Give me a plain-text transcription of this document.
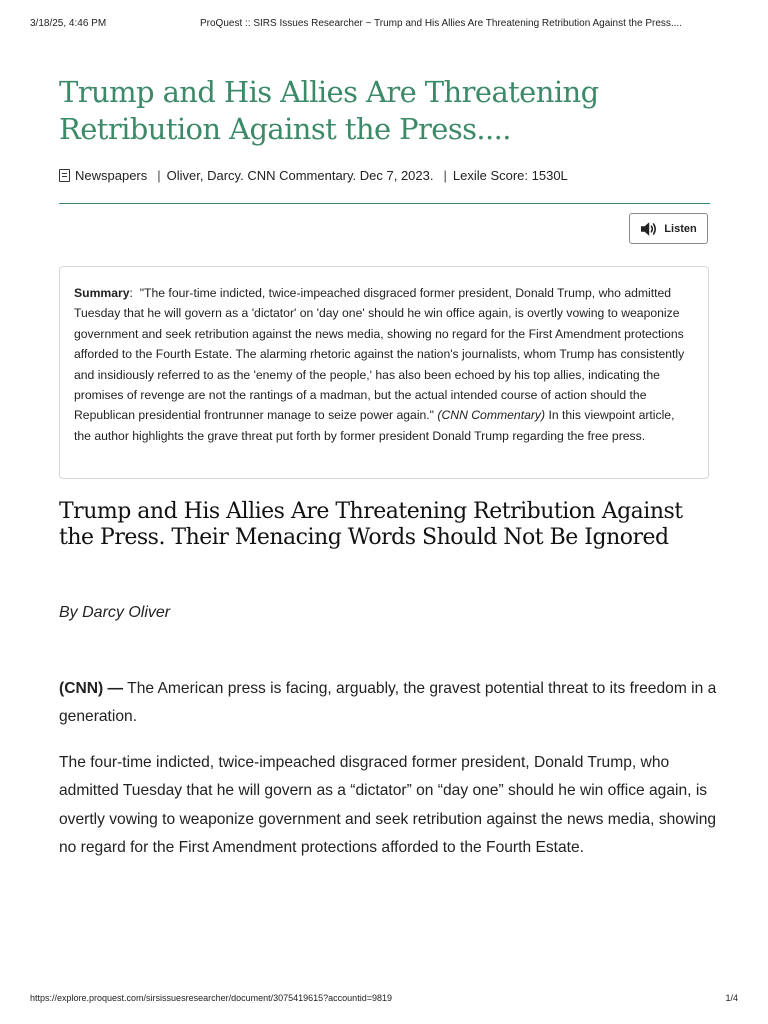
3/18/25, 4:46 PM	ProQuest :: SIRS Issues Researcher ~ Trump and His Allies Are Threatening Retribution Against the Press....
Trump and His Allies Are Threatening Retribution Against the Press....
Newspapers | Oliver, Darcy. CNN Commentary. Dec 7, 2023. | Lexile Score: 1530L
Listen
Summary:  "The four-time indicted, twice-impeached disgraced former president, Donald Trump, who admitted Tuesday that he will govern as a 'dictator' on 'day one' should he win office again, is overtly vowing to weaponize government and seek retribution against the news media, showing no regard for the First Amendment protections afforded to the Fourth Estate. The alarming rhetoric against the nation's journalists, whom Trump has consistently and insidiously referred to as the 'enemy of the people,' has also been echoed by his top allies, indicating the promises of revenge are not the rantings of a madman, but the actual intended course of action should the Republican presidential frontrunner manage to seize power again." (CNN Commentary) In this viewpoint article, the author highlights the grave threat put forth by former president Donald Trump regarding the free press.
Trump and His Allies Are Threatening Retribution Against the Press. Their Menacing Words Should Not Be Ignored
By Darcy Oliver

(CNN) — The American press is facing, arguably, the gravest potential threat to its freedom in a generation.

The four-time indicted, twice-impeached disgraced former president, Donald Trump, who admitted Tuesday that he will govern as a “dictator” on “day one” should he win office again, is overtly vowing to weaponize government and seek retribution against the news media, showing no regard for the First Amendment protections afforded to the Fourth Estate.

https://explore.proquest.com/sirsissuesresearcher/document/3075419615?accountid=9819	1/4
